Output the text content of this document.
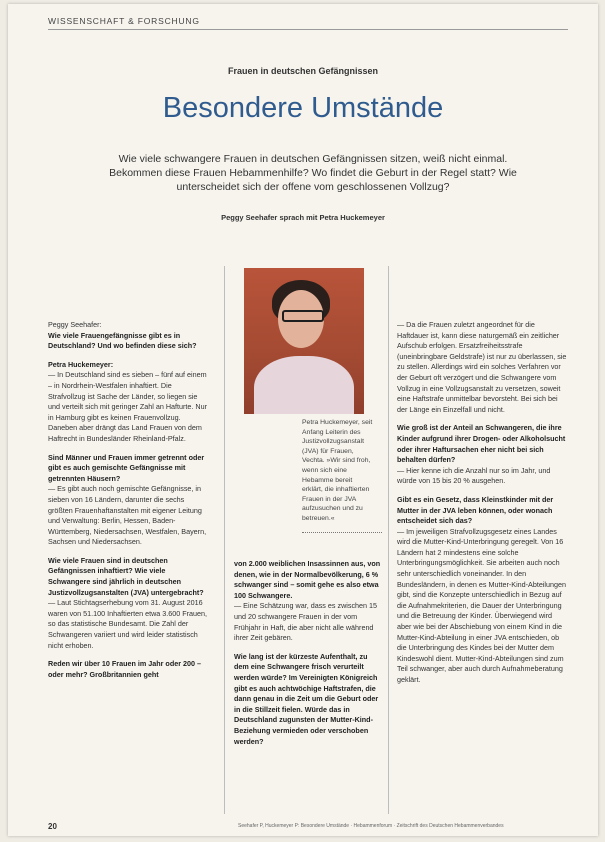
WISSENSCHAFT & FORSCHUNG
Frauen in deutschen Gefängnissen
Besondere Umstände
Wie viele schwangere Frauen in deutschen Gefängnissen sitzen, weiß nicht einmal. Bekommen diese Frauen Hebammenhilfe? Wo findet die Geburt in der Regel statt? Wie unterscheidet sich der offene vom geschlossenen Vollzug?
Peggy Seehafer sprach mit Petra Huckemeyer
Petra Huckemeyer, seit Anfang Leiterin des Justizvollzugsanstalt (JVA) für Frauen, Vechta. »Wir sind froh, wenn sich eine Hebamme bereit erklärt, die inhaftierten Frauen in der JVA aufzusuchen und zu betreuen.«

Peggy Seehafer:
Wie viele Frauengefängnisse gibt es in Deutschland? Und wo befinden diese sich?

Petra Huckemeyer:
— In Deutschland sind es sieben – fünf auf einem – in Nordrhein-Westfalen inhaftiert. Die Strafvollzug ist Sache der Länder, so liegen sie und verteilt sich mit geringer Zahl an Hafturte. Nur in Hamburg gibt es keinen Frauenvollzug. Daneben aber drängt das Land Frauen von dem Haftrecht in Bundesländer Rheinland-Pfalz.

Sind Männer und Frauen immer getrennt oder gibt es auch gemischte Gefängnisse mit getrennten Häusern?
— Es gibt auch noch gemischte Gefängnisse, in sieben von 16 Ländern, darunter die sechs größten Frauenhaftanstalten mit eigener Leitung und Verwaltung: Berlin, Hessen, Baden-Württemberg, Niedersachsen, Westfalen, Bayern, Sachsen und Niedersachsen.

Wie viele Frauen sind in deutschen Gefängnissen inhaftiert? Wie viele Schwangere sind jährlich in deutschen Justizvollzugsanstalten (JVA) untergebracht?
— Laut Stichtagserhebung vom 31. August 2016 waren von 51.100 Inhaftierten etwa 3.600 Frauen, so das statistische Bundesamt. Die Zahl der Schwangeren variiert und wird leider statistisch nicht erhoben.

Reden wir über 10 Frauen im Jahr oder 200 – oder mehr? Großbritannien geht

von 2.000 weiblichen Insassinnen aus, von denen, wie in der Normalbevölkerung, 6 % schwanger sind – somit gehe es also etwa 100 Schwangere.
— Eine Schätzung war, dass es zwischen 15 und 20 schwangere Frauen in der vom Frühjahr in Haft, die aber nicht alle während ihrer Zeit gebären.

Wie lang ist der kürzeste Aufenthalt, zu dem eine Schwangere frisch verurteilt werden würde? Im Vereinigten Königreich gibt es auch achtwöchige Haftstrafen, die dann genau in die Zeit um die Geburt oder in die Stillzeit fielen. Würde das in Deutschland zugunsten der Mutter-Kind-Beziehung vermieden oder verschoben werden?

— Da die Frauen zuletzt angeordnet für die Haftdauer ist, kann diese naturgemäß ein zeitlicher Aufschub erfolgen. Ersatzfreiheitsstrafe (uneinbringbare Geldstrafe) ist nur zu überlassen, sie zu stellen. Allerdings wird ein solches Verfahren vor der Geburt oft verzögert und die Schwangere vom Vollzug in eine Vollzugsanstalt zu versetzen, soweit eine Haftstrafe unmittelbar bevorsteht. Bei sich bei der Länge ein Einzelfall und nicht.

Wie groß ist der Anteil an Schwangeren, die ihre Kinder aufgrund ihrer Drogen- oder Alkoholsucht oder ihrer Haftursachen eher nicht bei sich behalten dürfen?
— Hier kenne ich die Anzahl nur so im Jahr, und würde von 15 bis 20 % ausgehen.

Gibt es ein Gesetz, dass Kleinstkinder mit der Mutter in der JVA leben können, oder wonach entscheidet sich das?
— Im jeweiligen Strafvollzugsgesetz eines Landes wird die Mutter-Kind-Unterbringung geregelt. Von 16 Ländern hat 2 mindestens eine solche Unterbringungsmöglichkeit. Sie arbeiten auch noch sehr unterschiedlich voneinander. In den Bundesländern, in denen es Mutter-Kind-Abteilungen gibt, sind die Konzepte unterschiedlich in Bezug auf die Aufnahmekriterien, die Dauer der Unterbringung und die Betreuung der Kinder. Überwiegend wird aber wie bei der Abschiebung von einem Kind in die Mutter-Kind-Abteilung in einer JVA entschieden, ob die Unterbringung des Kindes bei der Mutter dem Kindeswohl dient. Mutter-Kind-Abteilungen sind zum Teil schwanger, aber auch durch Aufnahmeberatung geklärt.

20	Seehafer P, Huckemeyer P: Besondere Umstände · Hebammenforum · Zeitschrift des Deutschen Hebammenverbandes
